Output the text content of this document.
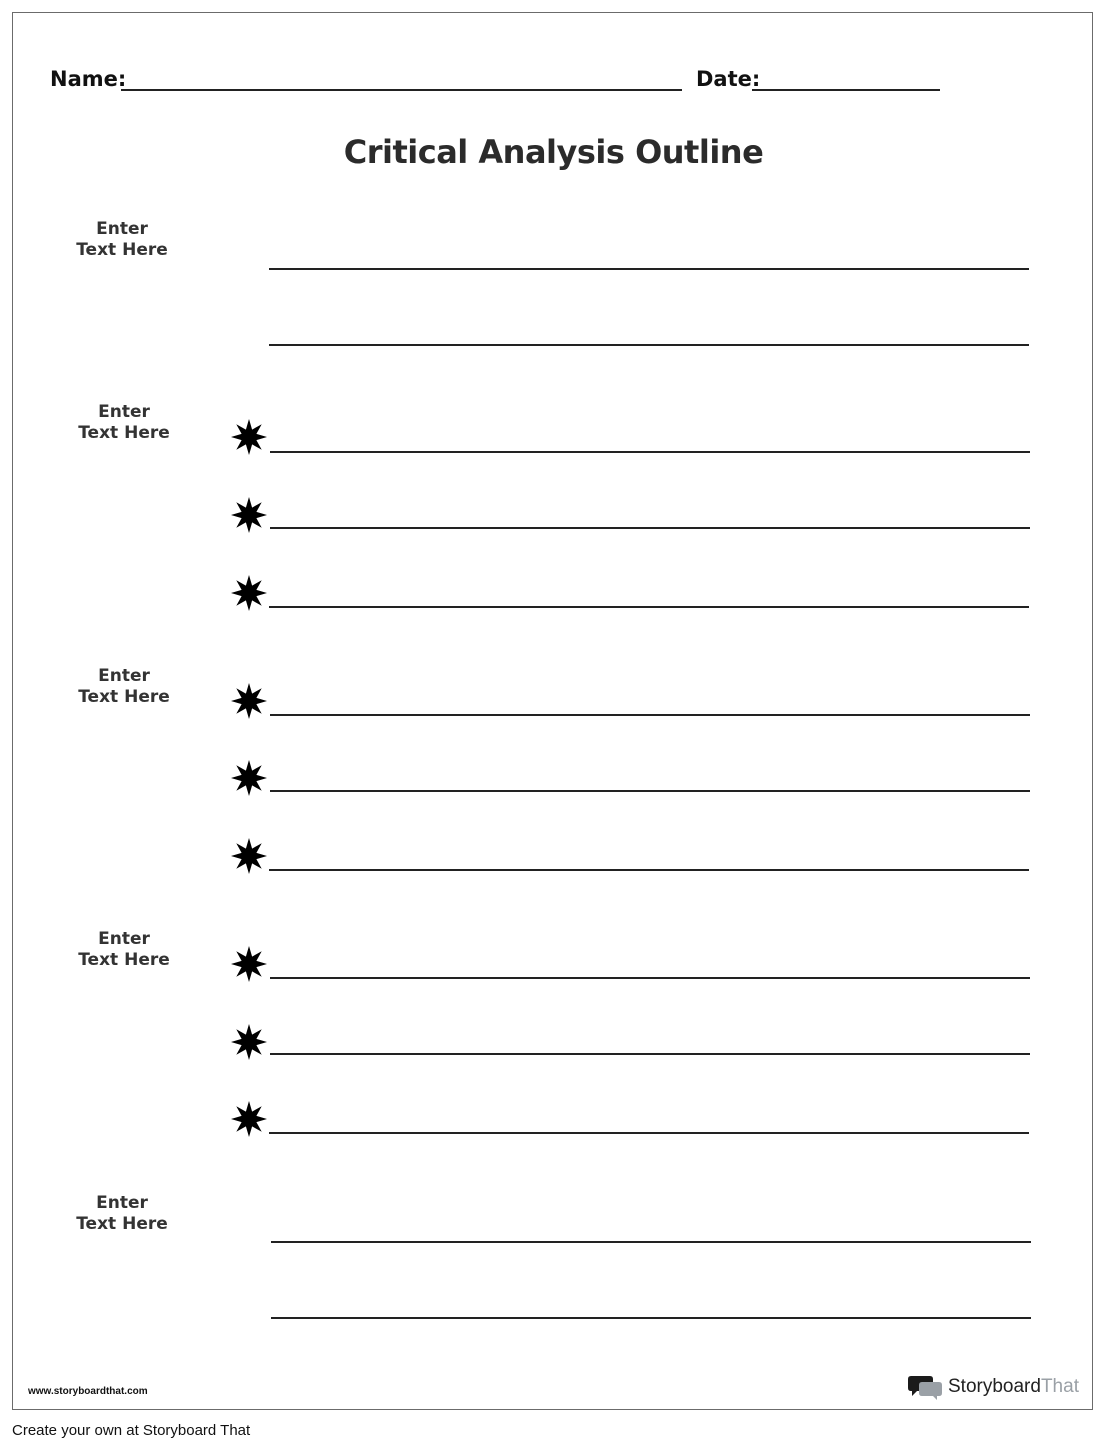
Name:	Date:
Critical Analysis Outline
Enter
Text Here
Enter
Text Here
Enter
Text Here
Enter
Text Here
Enter
Text Here
www.storyboardthat.com	StoryboardThat
Create your own at Storyboard That
